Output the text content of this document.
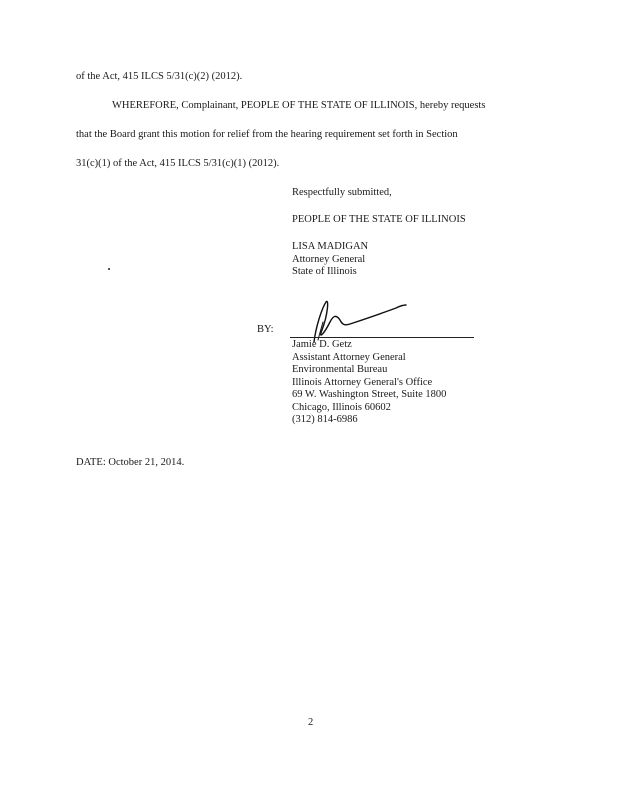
of the Act, 415 ILCS 5/31(c)(2) (2012).
WHEREFORE, Complainant, PEOPLE OF THE STATE OF ILLINOIS, hereby requests
that the Board grant this motion for relief from the hearing requirement set forth in Section
31(c)(1) of the Act, 415 ILCS 5/31(c)(1) (2012).
Respectfully submitted,
PEOPLE OF THE STATE OF ILLINOIS
LISA MADIGAN
Attorney General
State of Illinois
BY:
Jamie D. Getz
Assistant Attorney General
Environmental Bureau
Illinois Attorney General's Office
69 W. Washington Street, Suite 1800
Chicago, Illinois 60602
(312) 814-6986
DATE: October 21, 2014.
2
